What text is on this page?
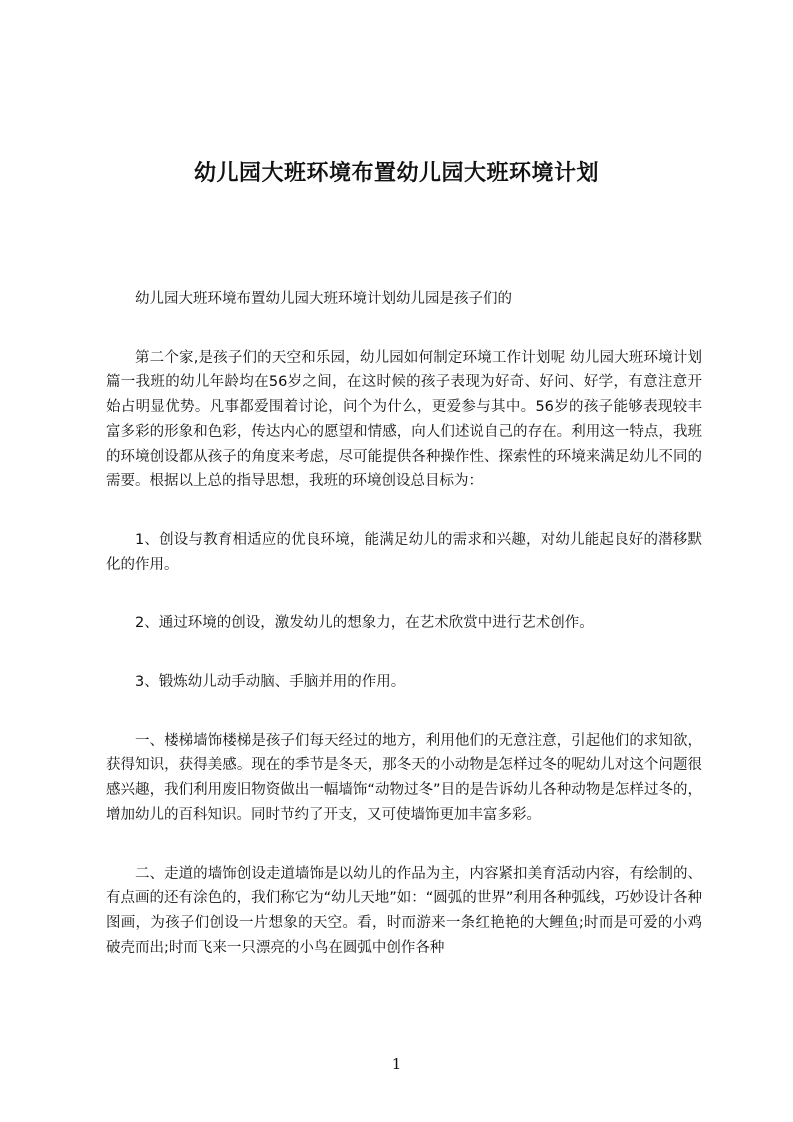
幼儿园大班环境布置幼儿园大班环境计划

幼儿园大班环境布置幼儿园大班环境计划幼儿园是孩子们的

第二个家,是孩子们的天空和乐园，幼儿园如何制定环境工作计划呢 幼儿园大班环境计划篇一我班的幼儿年龄均在56岁之间，在这时候的孩子表现为好奇、好问、好学，有意注意开始占明显优势。凡事都爱围着讨论，问个为什么，更爱参与其中。56岁的孩子能够表现较丰富多彩的形象和色彩，传达内心的愿望和情感，向人们述说自己的存在。利用这一特点，我班的环境创设都从孩子的角度来考虑，尽可能提供各种操作性、探索性的环境来满足幼儿不同的需要。根据以上总的指导思想，我班的环境创设总目标为：

1、创设与教育相适应的优良环境，能满足幼儿的需求和兴趣，对幼儿能起良好的潜移默化的作用。

2、通过环境的创设，激发幼儿的想象力，在艺术欣赏中进行艺术创作。

3、锻炼幼儿动手动脑、手脑并用的作用。

一、楼梯墙饰楼梯是孩子们每天经过的地方，利用他们的无意注意，引起他们的求知欲，获得知识，获得美感。现在的季节是冬天，那冬天的小动物是怎样过冬的呢幼儿对这个问题很感兴趣，我们利用废旧物资做出一幅墙饰“动物过冬”目的是告诉幼儿各种动物是怎样过冬的，增加幼儿的百科知识。同时节约了开支，又可使墙饰更加丰富多彩。

二、走道的墙饰创设走道墙饰是以幼儿的作品为主，内容紧扣美育活动内容，有绘制的、有点画的还有涂色的，我们称它为“幼儿天地”如：“圆弧的世界”利用各种弧线，巧妙设计各种图画，为孩子们创设一片想象的天空。看，时而游来一条红艳艳的大鲤鱼;时而是可爱的小鸡破壳而出;时而飞来一只漂亮的小鸟在圆弧中创作各种

1
